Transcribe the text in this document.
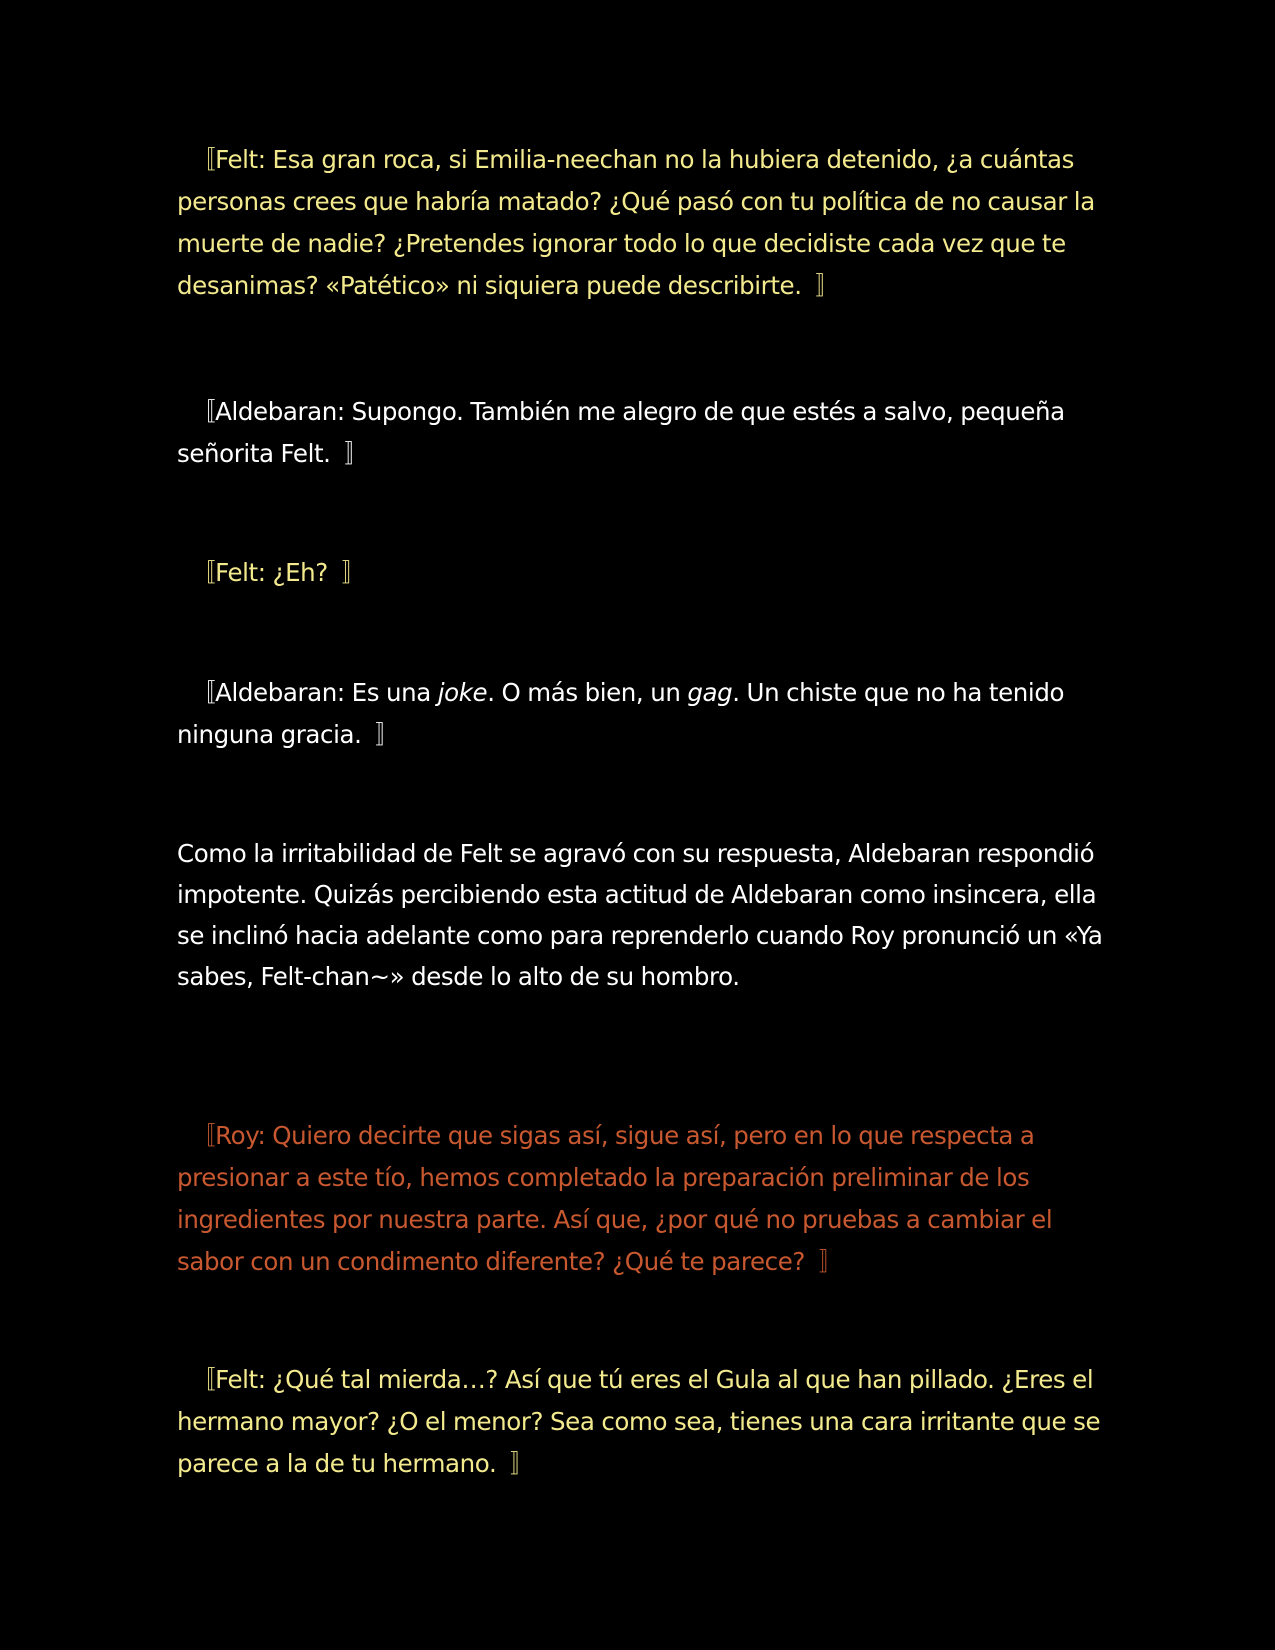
〚Felt: Esa gran roca, si Emilia-neechan no la hubiera detenido, ¿a cuántas personas crees que habría matado? ¿Qué pasó con tu política de no causar la muerte de nadie? ¿Pretendes ignorar todo lo que decidiste cada vez que te desanimas? «Patético» ni siquiera puede describirte. 〛

〚Aldebaran: Supongo. También me alegro de que estés a salvo, pequeña señorita Felt. 〛

〚Felt: ¿Eh? 〛

〚Aldebaran: Es una joke. O más bien, un gag. Un chiste que no ha tenido ninguna gracia. 〛

Como la irritabilidad de Felt se agravó con su respuesta, Aldebaran respondió impotente. Quizás percibiendo esta actitud de Aldebaran como insincera, ella se inclinó hacia adelante como para reprenderlo cuando Roy pronunció un «Ya sabes, Felt-chan~» desde lo alto de su hombro.

〚Roy: Quiero decirte que sigas así, sigue así, pero en lo que respecta a presionar a este tío, hemos completado la preparación preliminar de los ingredientes por nuestra parte. Así que, ¿por qué no pruebas a cambiar el sabor con un condimento diferente? ¿Qué te parece? 〛

〚Felt: ¿Qué tal mierda…? Así que tú eres el Gula al que han pillado. ¿Eres el hermano mayor? ¿O el menor? Sea como sea, tienes una cara irritante que se parece a la de tu hermano. 〛
